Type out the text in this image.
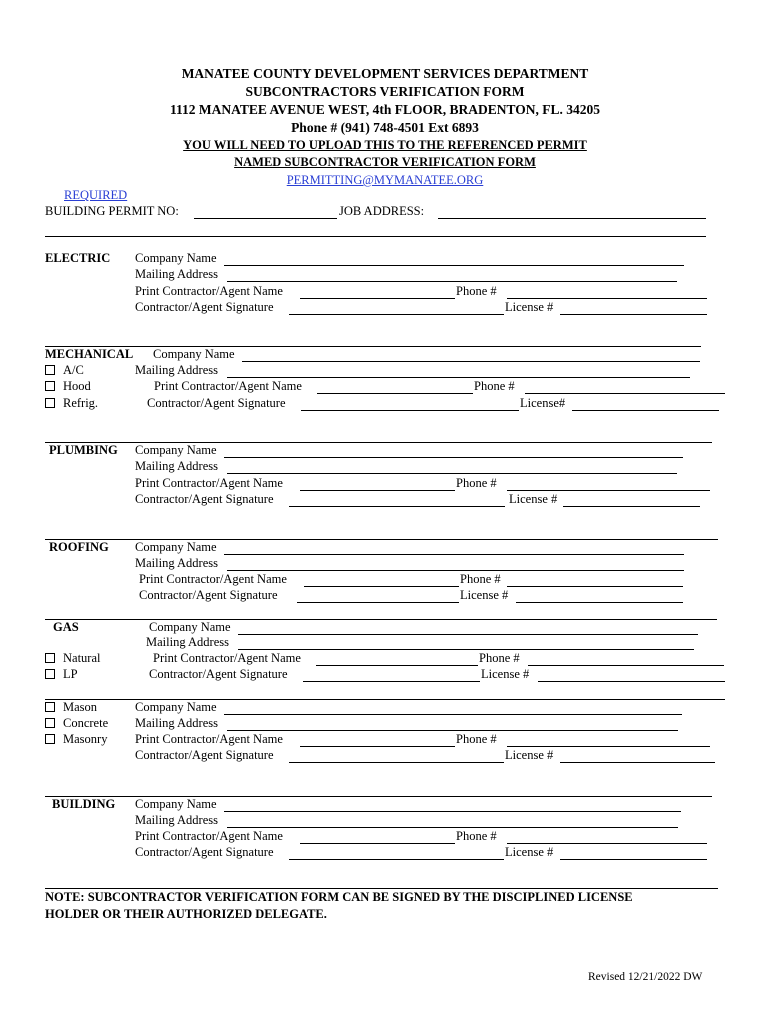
MANATEE COUNTY DEVELOPMENT SERVICES DEPARTMENT
SUBCONTRACTORS VERIFICATION FORM
1112 MANATEE AVENUE WEST, 4th FLOOR, BRADENTON, FL. 34205
Phone # (941) 748-4501 Ext 6893
YOU WILL NEED TO UPLOAD THIS TO THE REFERENCED PERMIT
NAMED SUBCONTRACTOR VERIFICATION FORM
PERMITTING@MYMANATEE.ORG
REQUIRED
BUILDING PERMIT NO:	JOB ADDRESS:
ELECTRIC Company Name
Mailing Address
Print Contractor/Agent Name	Phone #
Contractor/Agent Signature	License #
MECHANICAL Company Name
A/C	Mailing Address
Hood	Print Contractor/Agent Name	Phone #
Refrig.	Contractor/Agent Signature	License#
PLUMBING Company Name
Mailing Address
Print Contractor/Agent Name	Phone #
Contractor/Agent Signature	License #
ROOFING Company Name
Mailing Address
Print Contractor/Agent Name	Phone #
Contractor/Agent Signature	License #
GAS	Company Name
Mailing Address
Natural	Print Contractor/Agent Name	Phone #
LP	Contractor/Agent Signature	License #
Mason	Company Name
Concrete Mailing Address
Masonry Print Contractor/Agent Name	Phone #
Contractor/Agent Signature	License #
BUILDING Company Name
Mailing Address
Print Contractor/Agent Name	Phone #
Contractor/Agent Signature	License #
NOTE: SUBCONTRACTOR VERIFICATION FORM CAN BE SIGNED BY THE DISCIPLINED LICENSE
HOLDER OR THEIR AUTHORIZED DELEGATE.
Revised 12/21/2022 DW
